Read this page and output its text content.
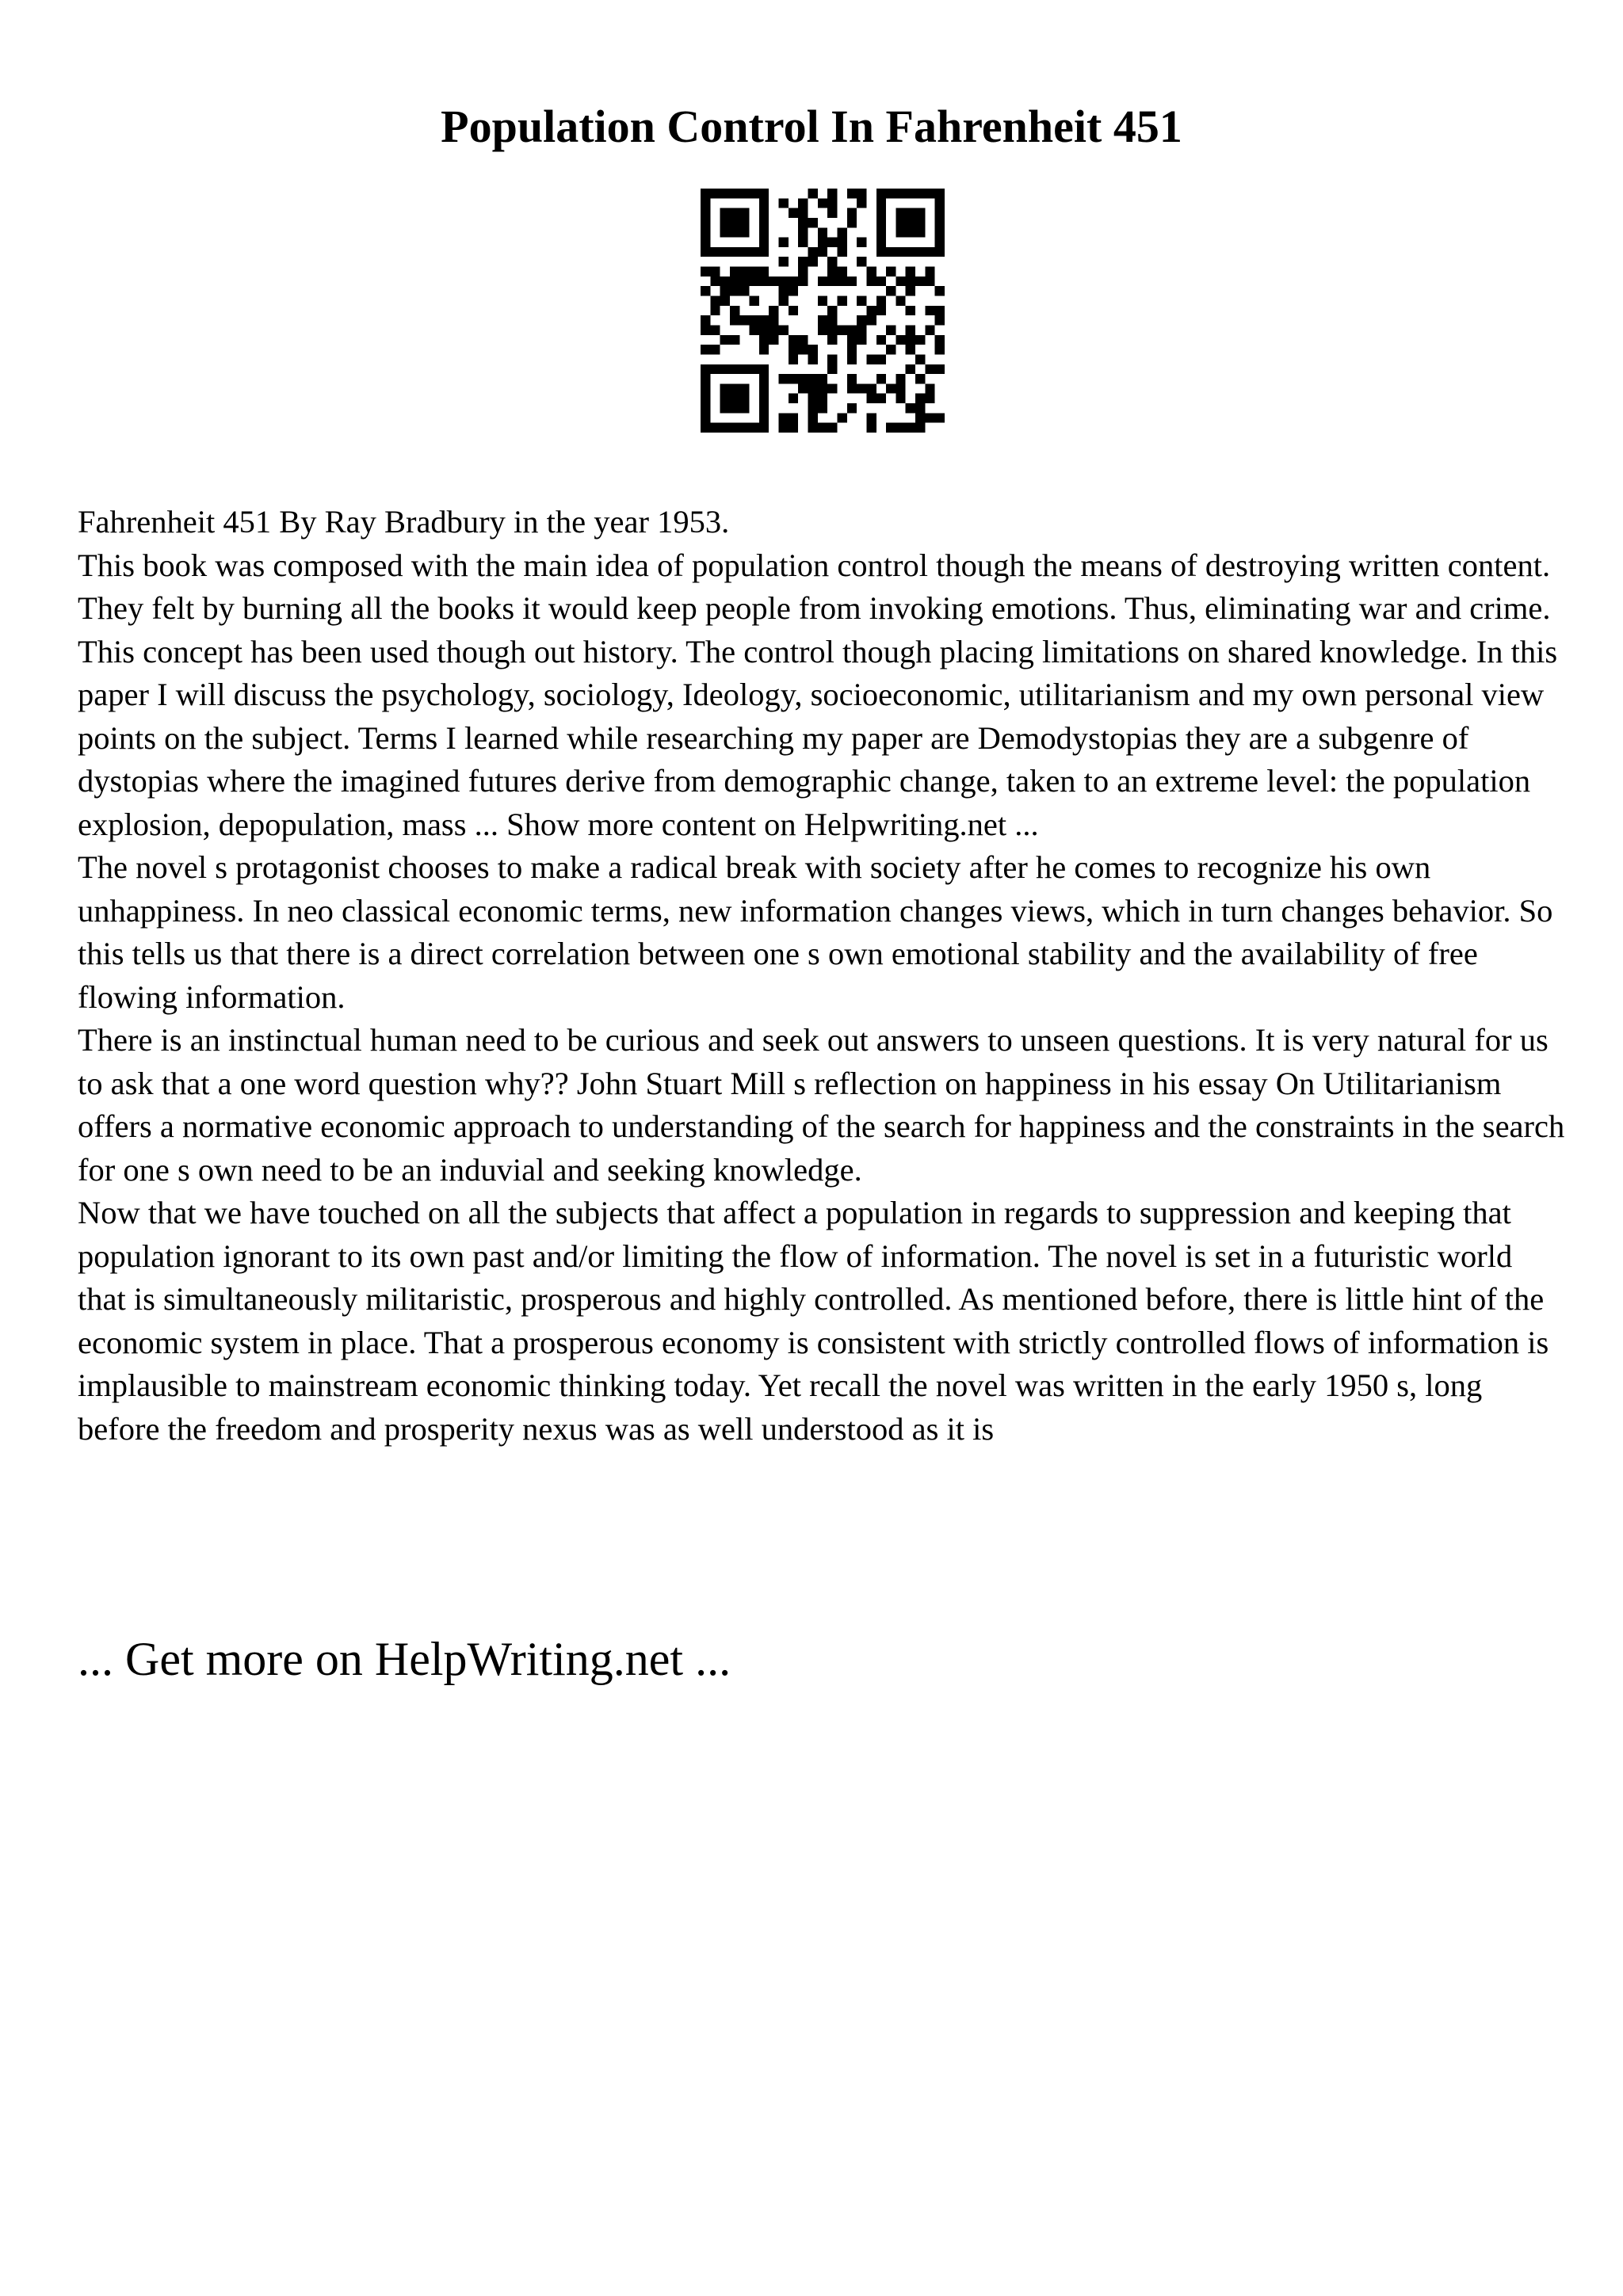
Population Control In Fahrenheit 451

Fahrenheit 451 By Ray Bradbury in the year 1953.

This book was composed with the main idea of population control though the means of destroying written content. They felt by burning all the books it would keep people from invoking emotions. Thus, eliminating war and crime. This concept has been used though out history. The control though placing limitations on shared knowledge. In this paper I will discuss the psychology, sociology, Ideology, socioeconomic, utilitarianism and my own personal view points on the subject. Terms I learned while researching my paper are Demodystopias they are a subgenre of dystopias where the imagined futures derive from demographic change, taken to an extreme level: the population explosion, depopulation, mass ... Show more content on Helpwriting.net ...

The novel s protagonist chooses to make a radical break with society after he comes to recognize his own unhappiness. In neo classical economic terms, new information changes views, which in turn changes behavior. So this tells us that there is a direct correlation between one s own emotional stability and the availability of free flowing information.

There is an instinctual human need to be curious and seek out answers to unseen questions. It is very natural for us to ask that a one word question why?? John Stuart Mill s reflection on happiness in his essay On Utilitarianism offers a normative economic approach to understanding of the search for happiness and the constraints in the search for one s own need to be an induvial and seeking knowledge.

Now that we have touched on all the subjects that affect a population in regards to suppression and keeping that population ignorant to its own past and/or limiting the flow of information. The novel is set in a futuristic world that is simultaneously militaristic, prosperous and highly controlled. As mentioned before, there is little hint of the economic system in place. That a prosperous economy is consistent with strictly controlled flows of information is implausible to mainstream economic thinking today. Yet recall the novel was written in the early 1950 s, long before the freedom and prosperity nexus was as well understood as it is

... Get more on HelpWriting.net ...
